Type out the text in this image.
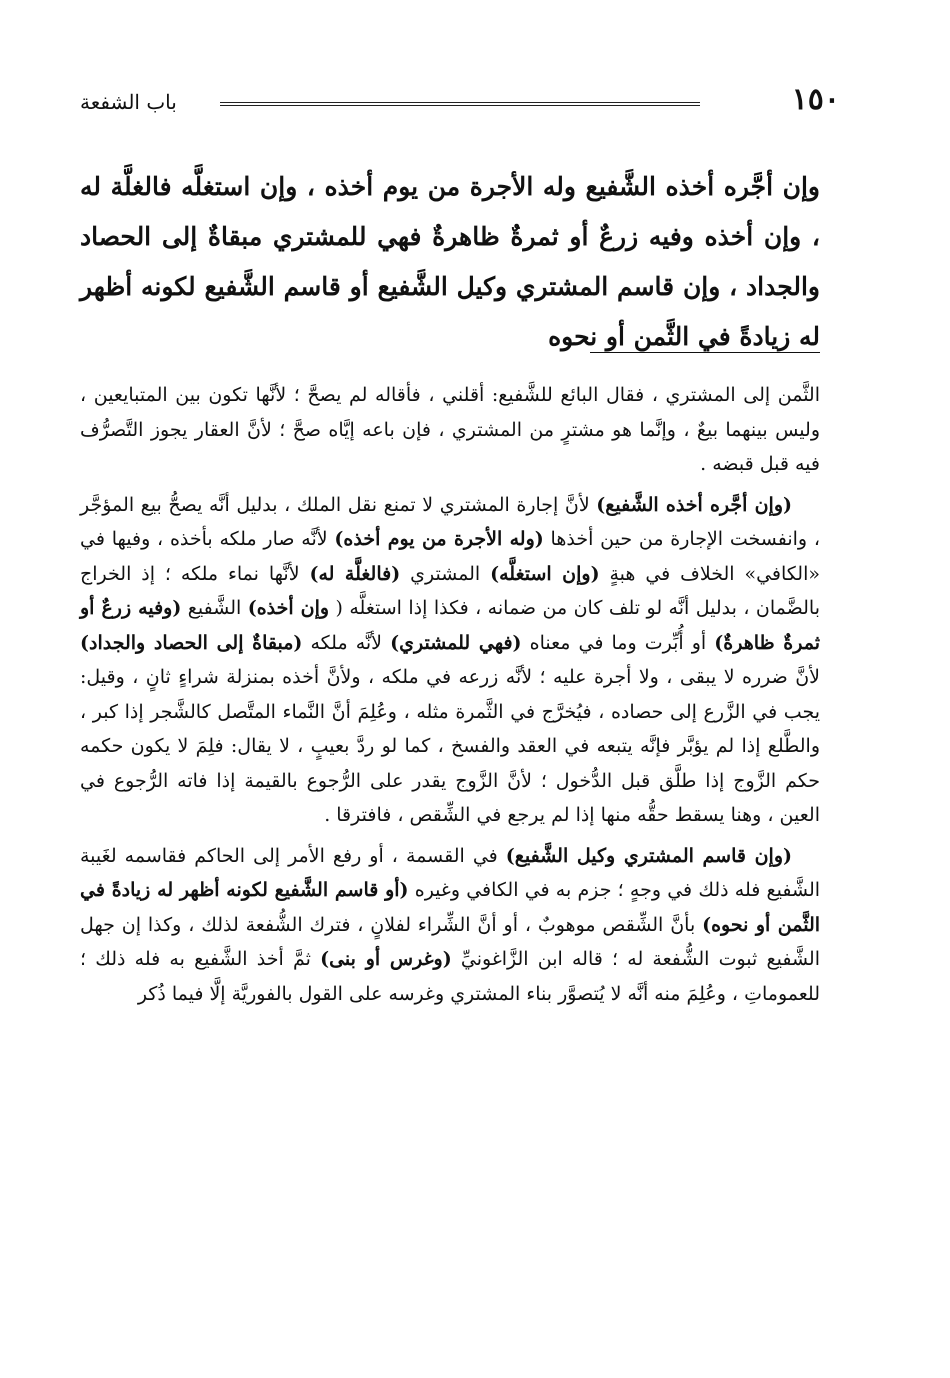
١٥٠
باب الشفعة
وإن أجَّره أخذه الشَّفيع وله الأجرة من يوم أخذه ، وإن استغلَّه فالغلَّة له ، وإن أخذه وفيه زرعٌ أو ثمرةٌ ظاهرةٌ فهي للمشتري مبقاةٌ إلى الحصاد والجداد ، وإن قاسم المشتري وكيل الشَّفيع أو قاسم الشَّفيع لكونه أظهر له زيادةً في الثَّمن أو نحوه

الثَّمن إلى المشتري ، فقال البائع للشَّفيع: أقلني ، فأقاله لم يصحَّ ؛ لأنَّها تكون بين المتبايعين ، وليس بينهما بيعٌ ، وإنَّما هو مشترٍ من المشتري ، فإن باعه إيَّاه صحَّ ؛ لأنَّ العقار يجوز التَّصرُّف فيه قبل قبضه .

(وإن أجَّره أخذه الشَّفيع) لأنَّ إجارة المشتري لا تمنع نقل الملك ، بدليل أنَّه يصحُّ بيع المؤجَّر ، وانفسخت الإجارة من حين أخذها (وله الأجرة من يوم أخذه) لأنَّه صار ملكه بأخذه ، وفيها في «الكافي» الخلاف في هبةٍ (وإن استغلَّه) المشتري (فالغلَّة له) لأنَّها نماء ملكه ؛ إذ الخراج بالضَّمان ، بدليل أنَّه لو تلف كان من ضمانه ، فكذا إذا استغلَّه ( وإن أخذه) الشَّفيع (وفيه زرعٌ أو ثمرةٌ ظاهرةٌ) أو أُبِّرت وما في معناه (فهي للمشتري) لأنَّه ملكه (مبقاةٌ إلى الحصاد والجداد) لأنَّ ضرره لا يبقى ، ولا أجرة عليه ؛ لأنَّه زرعه في ملكه ، ولأنَّ أخذه بمنزلة شراءٍ ثانٍ ، وقيل: يجب في الزَّرع إلى حصاده ، فيُخرَّج في الثَّمرة مثله ، وعُلِمَ أنَّ النَّماء المتَّصل كالشَّجر إذا كبر ، والطَّلع إذا لم يؤبَّر فإنَّه يتبعه في العقد والفسخ ، كما لو ردَّ بعيبٍ ، لا يقال: فلِمَ لا يكون حكمه حكم الزَّوج إذا طلَّق قبل الدُّخول ؛ لأنَّ الزَّوج يقدر على الرُّجوع بالقيمة إذا فاته الرُّجوع في العين ، وهنا يسقط حقُّه منها إذا لم يرجع في الشِّقص ، فافترقا .

(وإن قاسم المشتري وكيل الشَّفيع) في القسمة ، أو رفع الأمر إلى الحاكم فقاسمه لغَيبة الشَّفيع فله ذلك في وجهٍ ؛ جزم به في الكافي وغيره (أو قاسم الشَّفيع لكونه أظهر له زيادةً في الثَّمن أو نحوه) بأنَّ الشِّقص موهوبٌ ، أو أنَّ الشِّراء لفلانٍ ، فترك الشُّفعة لذلك ، وكذا إن جهل الشَّفيع ثبوت الشُّفعة له ؛ قاله ابن الزَّاغونيِّ (وغرس أو بنى) ثمَّ أخذ الشَّفيع به فله ذلك ؛ للعموماتِ ، وعُلِمَ منه أنَّه لا يُتصوَّر بناء المشتري وغرسه على القول بالفوريَّة إلَّا فيما ذُكر
